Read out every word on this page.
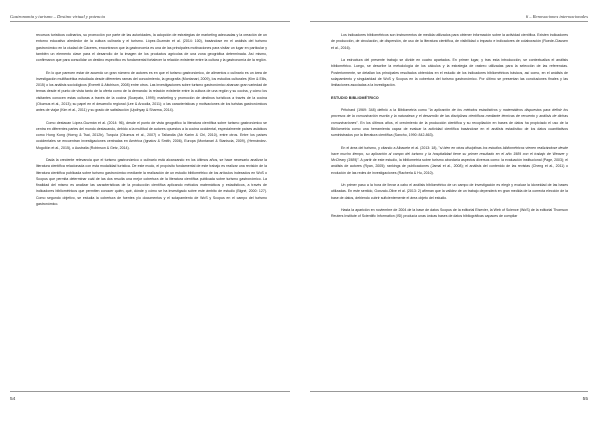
Gastronomía y turismo – Destino virtual y potencia

recursos turísticos culinarios, su promoción por parte de las autoridades, la adopción de estrategias de marketing adecuadas y la creación de un entorno educativo alrededor de la cultura culinaria y el turismo. López-Guzmán et al. (2014: 100), basándose en el análisis del turismo gastronómico en la ciudad de Cáceres, encontraron que la gastronomía es una de las principales motivaciones para visitar un lugar en particular y también un elemento clave para el desarrollo de la imagen de los productos agrícolas de una zona geográfica determinada. Así mismo, confirmaron que para consolidar un destino específico es fundamental fortalecer la relación existente entre la cultura y la gastronomía de la región.

En lo que parecen estar de acuerdo un gran número de autores es en que el turismo gastronómico, de alimentos o culinario es un área de investigación multifacética estudiada desde diferentes ramas del conocimiento, la geografía (Montanari, 2009), los estudios culturales (Kim & Ellis, 2015) o los análisis sociológicos (Everett & Aitchison, 2008) entre otros. Las investigaciones sobre turismo gastronómico abarcan gran variedad de temas desde el punto de vista tanto de la oferta como de la demanda: la relación existente entre la cultura de una región y su cocina, y cómo los visitantes conocen estas culturas a través de la cocina (Scarpato, 1999); marketing y promoción de destinos turísticos a través de la cocina (Okumus et al., 2013); su papel en el desarrollo regional (Lee & Arcodia, 2011); o las características y motivaciones de los turistas gastronómicos antes de viajar (Kim et al., 2011) y su grado de satisfacción (Updhyay & Sharma, 2014).

Como destacan López-Guzmán et al. (2014: 96), desde el punto de vista geográfico la literatura científica sobre turismo gastronómico se centra en diferentes partes del mundo destacando, debido a la multitud de autores opuestos a la cocina occidental, especialmente países asiáticos como Hong Kong (Horng & Tsai, 2012b), Turquía (Okumus et al., 2007) o Tailandia (Ab Karim & Chi, 2010), entre otros. Entre los países occidentales se encuentran investigaciones centradas en América (Ignatov & Smith, 2006), Europa (Montanari & Staniscia, 2009), (Hernández-Mogollón et al., 2015), o Australia (Robinson & Getz, 2014).

Dada la creciente relevancia que el turismo gastronómico o culinario está alcanzando en los últimos años, se hace necesario analizar la literatura científica relacionada con esta modalidad turística. De este modo, el propósito fundamental de este trabajo es realizar una revisión de la literatura científica publicada sobre turismo gastronómico mediante la realización de un estudio bibliométrico de los artículos indexados en WoS o Scopus que permita determinar cuál de las dos resulta una mejor cobertura de la literatura científica publicada sobre turismo gastronómico. La finalidad del mismo es analizar las características de la producción científica aplicando métodos matemáticos y estadísticos, a través de indicadores bibliométricos que permiten conocer quién, qué, dónde y cómo se ha investigado sobre este ámbito de estudio (Bigné, 2000: 127). Como segundo objetivo, se estudia la cobertura de fuentes y/o documentos y el solapamiento de WoS y Scopus en el campo del turismo gastronómico.

54
6 – Renovaciones internacionales

Los indicadores bibliométricos son instrumentos de medida utilizados para obtener información sobre la actividad científica. Existen indicadores de producción, de circulación, de dispersión, de uso de la literatura científica, de visibilidad o impacto e indicadores de colaboración (Ruede-Clausen et al., 2016).

La estructura del presente trabajo se divide en cuatro apartados. En primer lugar, y tras esta introducción, se contextualiza el análisis bibliométrico. Luego, se describe la metodología de los cálculos y la estrategia de rastreo utilizadas para la selección de las referencias. Posteriormente, se detallan los principales resultados obtenidos en el estudio de los indicadores bibliométricos básicos, así como, en el análisis de solapamiento y singularidad de WoS y Scopus en la cobertura del turismo gastronómico. Por último se presentan las conclusiones finales y las limitaciones asociadas a la investigación.

ESTUDIO BIBLIOMÉTRICO

Pritchard (1969: 348) definió a la Bibliometría como "la aplicación de los métodos estadísticos y matemáticos dispuestos para definir los procesos de la comunicación escrita y la naturaleza y el desarrollo de las disciplinas científicas mediante técnicas de recuento y análisis de dichas comunicaciones". En los últimos años, el crecimiento de la producción científica y su recopilación en bases de datos ha propiciado el uso de la Bibliometría como una herramienta capaz de evaluar la actividad científica basándose en el análisis estadístico de los datos cuantitativos suministrados por la literatura científica (Sancho, 1990: 842-863).

En el área del turismo, y citando a Albacete et al. (2013: 18), "si bien en otras disciplinas los estudios bibliométricos vienen realizándose desde hace mucho tiempo, su aplicación al campo del turismo y la hospitalidad tiene su primer resultado en el año 1989 con el trabajo de Weaver y McCleary (1989)". A partir de este estudio, la bibliometría sobre turismo abordaría aspectos diversos como: la evaluación institucional (Page, 2003); el análisis de autores (Ryan, 2005); rankings de publicaciones (Jamal et al., 2008); el análisis del contenido de las revistas (Cheng et al., 2011) o evolución de las redes de investigaciones (Racherla & Hu, 2010).

Un primer paso a la hora de llevar a cabo el análisis bibliométrico de un campo de investigación es elegir y evaluar la idoneidad de las bases utilizadas. En este sentido, Gonzalo-Olive et al. (2013: 2) afirman que la validez de un trabajo dependerá en gran medida de la correcta elección de la base de datos, debiendo cubrir suficientemente el área objeto del estudio.

Hasta la aparición en noviembre de 2004 de la base de datos Scopus de la editorial Elsevier, la Web of Science (WoS) de la editorial Thomson Reuters Institute of Scientific Information (ISI) producía unas únicas bases de datos bibliográficas capaces de compilar

55
